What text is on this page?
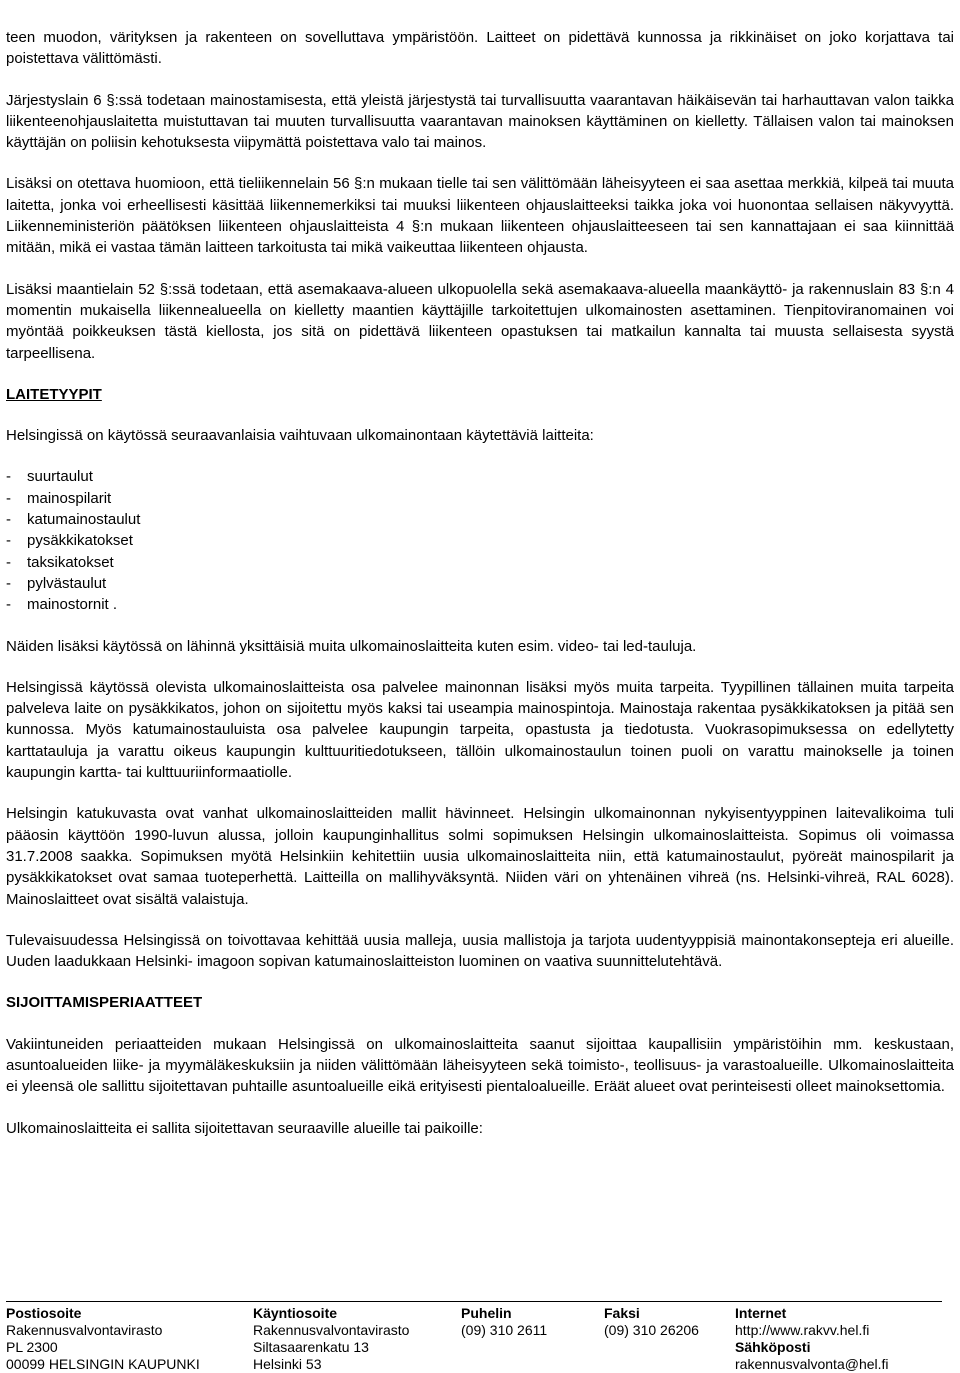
teen muodon, värityksen ja rakenteen on sovelluttava ympäristöön. Laitteet on pidettävä kunnossa ja rikkinäiset on joko korjattava tai poistettava välittömästi.

Järjestyslain 6 §:ssä todetaan mainostamisesta, että yleistä järjestystä tai turvallisuutta vaarantavan häikäisevän tai harhauttavan valon taikka liikenteenohjauslaitetta muistuttavan tai muuten turvallisuutta vaarantavan mainoksen käyttäminen on kielletty. Tällaisen valon tai mainoksen käyttäjän on poliisin kehotuksesta viipymättä poistettava valo tai mainos.

Lisäksi on otettava huomioon, että tieliikennelain 56 §:n mukaan tielle tai sen välittömään läheisyyteen ei saa asettaa merkkiä, kilpeä tai muuta laitetta, jonka voi erheellisesti käsittää liikennemerkiksi tai muuksi liikenteen ohjauslaitteeksi taikka joka voi huonontaa sellaisen näkyvyyttä. Liikenneministeriön päätöksen liikenteen ohjauslaitteista 4 §:n mukaan liikenteen ohjauslaitteeseen tai sen kannattajaan ei saa kiinnittää mitään, mikä ei vastaa tämän laitteen tarkoitusta tai mikä vaikeuttaa liikenteen ohjausta.

Lisäksi maantielain 52 §:ssä todetaan, että asemakaava-alueen ulkopuolella sekä asemakaava-alueella maankäyttö- ja rakennuslain 83 §:n 4 momentin mukaisella liikennealueella on kielletty maantien käyttäjille tarkoitettujen ulkomainosten asettaminen. Tienpitoviranomainen voi myöntää poikkeuksen tästä kiellosta, jos sitä on pidettävä liikenteen opastuksen tai matkailun kannalta tai muusta sellaisesta syystä tarpeellisena.

LAITETYYPIT

Helsingissä on käytössä seuraavanlaisia vaihtuvaan ulkomainontaan käytettäviä laitteita:

- suurtaulut
- mainospilarit
- katumainostaulut
- pysäkkikatokset
- taksikatokset
- pylvästaulut
- mainostornit .

Näiden lisäksi käytössä on lähinnä yksittäisiä muita ulkomainoslaitteita kuten esim. video- tai led-tauluja.

Helsingissä käytössä olevista ulkomainoslaitteista osa palvelee mainonnan lisäksi myös muita tarpeita. Tyypillinen tällainen muita tarpeita palveleva laite on pysäkkikatos, johon on sijoitettu myös kaksi tai useampia mainospintoja. Mainostaja rakentaa pysäkkikatoksen ja pitää sen kunnossa. Myös katumainostauluista osa palvelee kaupungin tarpeita, opastusta ja tiedotusta. Vuokrasopimuksessa on edellytetty karttatauluja ja varattu oikeus kaupungin kulttuuritiedotukseen, tällöin ulkomainostaulun toinen puoli on varattu mainokselle ja toinen kaupungin kartta- tai kulttuuriinformaatiolle.

Helsingin katukuvasta ovat vanhat ulkomainoslaitteiden mallit hävinneet. Helsingin ulkomainonnan nykyisentyyppinen laitevalikoima tuli pääosin käyttöön 1990-luvun alussa, jolloin kaupunginhallitus solmi sopimuksen Helsingin ulkomainoslaitteista. Sopimus oli voimassa 31.7.2008 saakka. Sopimuksen myötä Helsinkiin kehitettiin uusia ulkomainoslaitteita niin, että katumainostaulut, pyöreät mainospilarit ja pysäkkikatokset ovat samaa tuoteperhettä. Laitteilla on mallihyväksyntä. Niiden väri on yhtenäinen vihreä (ns. Helsinki-vihreä, RAL 6028). Mainoslaitteet ovat sisältä valaistuja.

Tulevaisuudessa Helsingissä on toivottavaa kehittää uusia malleja, uusia mallistoja ja tarjota uudentyyppisiä mainontakonsepteja eri alueille. Uuden laadukkaan Helsinki- imagoon sopivan katumainoslaitteiston luominen on vaativa suunnittelutehtävä.

SIJOITTAMISPERIAATTEET

Vakiintuneiden periaatteiden mukaan Helsingissä on ulkomainoslaitteita saanut sijoittaa kaupallisiin ympäristöihin mm. keskustaan, asuntoalueiden liike- ja myymäläkeskuksiin ja niiden välittömään läheisyyteen sekä toimisto-, teollisuus- ja varastoalueille. Ulkomainoslaitteita ei yleensä ole sallittu sijoitettavan puhtaille asuntoalueille eikä erityisesti pientaloalueille. Eräät alueet ovat perinteisesti olleet mainoksettomia.

Ulkomainoslaitteita ei sallita sijoitettavan seuraaville alueille tai paikoille:

Postiosoite
Rakennusvalvontavirasto
PL 2300
00099 HELSINGIN KAUPUNKI
Käyntiosoite
Rakennusvalvontavirasto
Siltasaarenkatu 13
Helsinki 53
Puhelin
(09) 310 2611
Faksi
(09) 310 26206
Internet
http://www.rakvv.hel.fi
Sähköposti
rakennusvalvonta@hel.fi
